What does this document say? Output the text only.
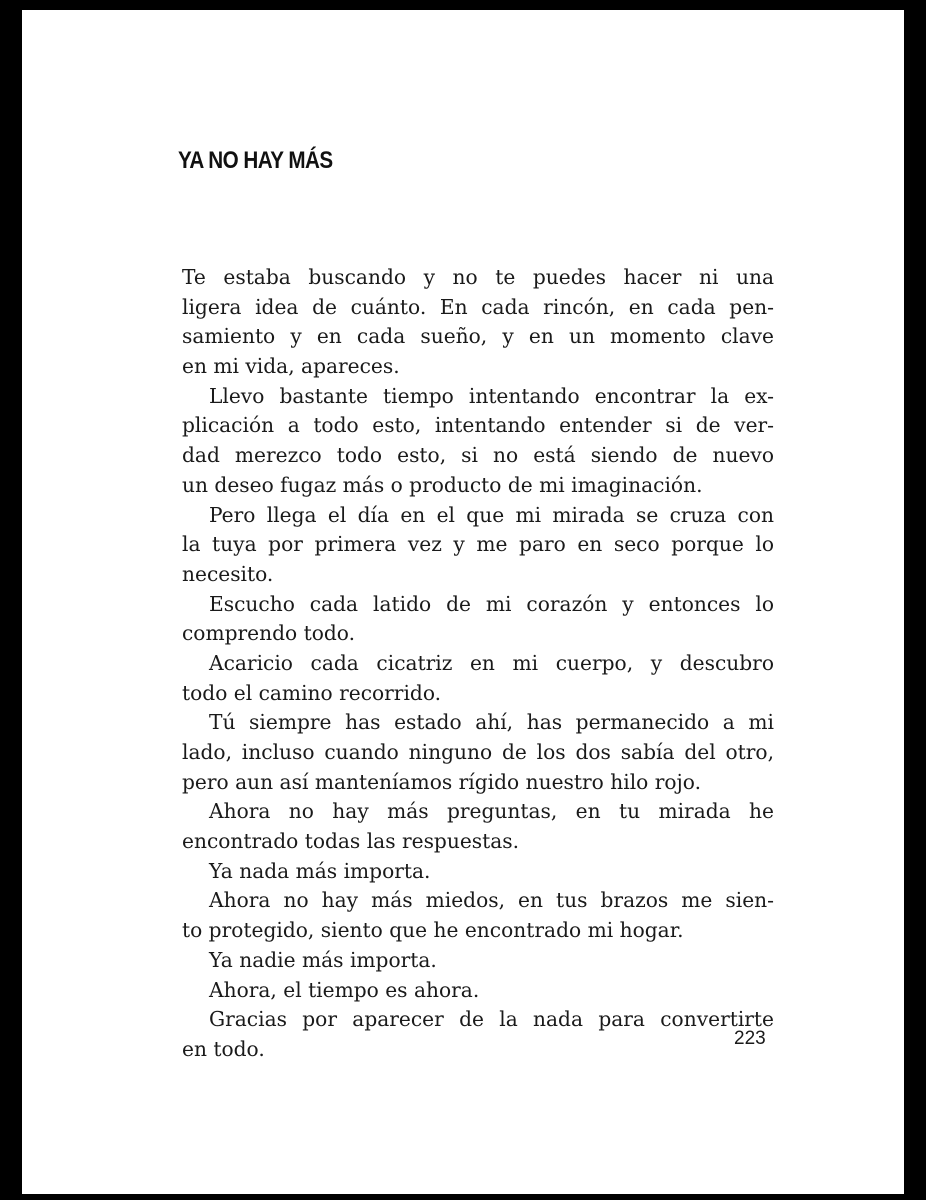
YA NO HAY MÁS

Te estaba buscando y no te puedes hacer ni una
ligera idea de cuánto. En cada rincón, en cada pen-
samiento y en cada sueño, y en un momento clave
en mi vida, apareces.

Llevo bastante tiempo intentando encontrar la ex-
plicación a todo esto, intentando entender si de ver-
dad merezco todo esto, si no está siendo de nuevo
un deseo fugaz más o producto de mi imaginación.

Pero llega el día en el que mi mirada se cruza con
la tuya por primera vez y me paro en seco porque lo
necesito.

Escucho cada latido de mi corazón y entonces lo
comprendo todo.

Acaricio cada cicatriz en mi cuerpo, y descubro
todo el camino recorrido.

Tú siempre has estado ahí, has permanecido a mi
lado, incluso cuando ninguno de los dos sabía del otro,
pero aun así manteníamos rígido nuestro hilo rojo.

Ahora no hay más preguntas, en tu mirada he
encontrado todas las respuestas.

Ya nada más importa.

Ahora no hay más miedos, en tus brazos me sien-
to protegido, siento que he encontrado mi hogar.

Ya nadie más importa.

Ahora, el tiempo es ahora.

Gracias por aparecer de la nada para convertirte
en todo.	223
